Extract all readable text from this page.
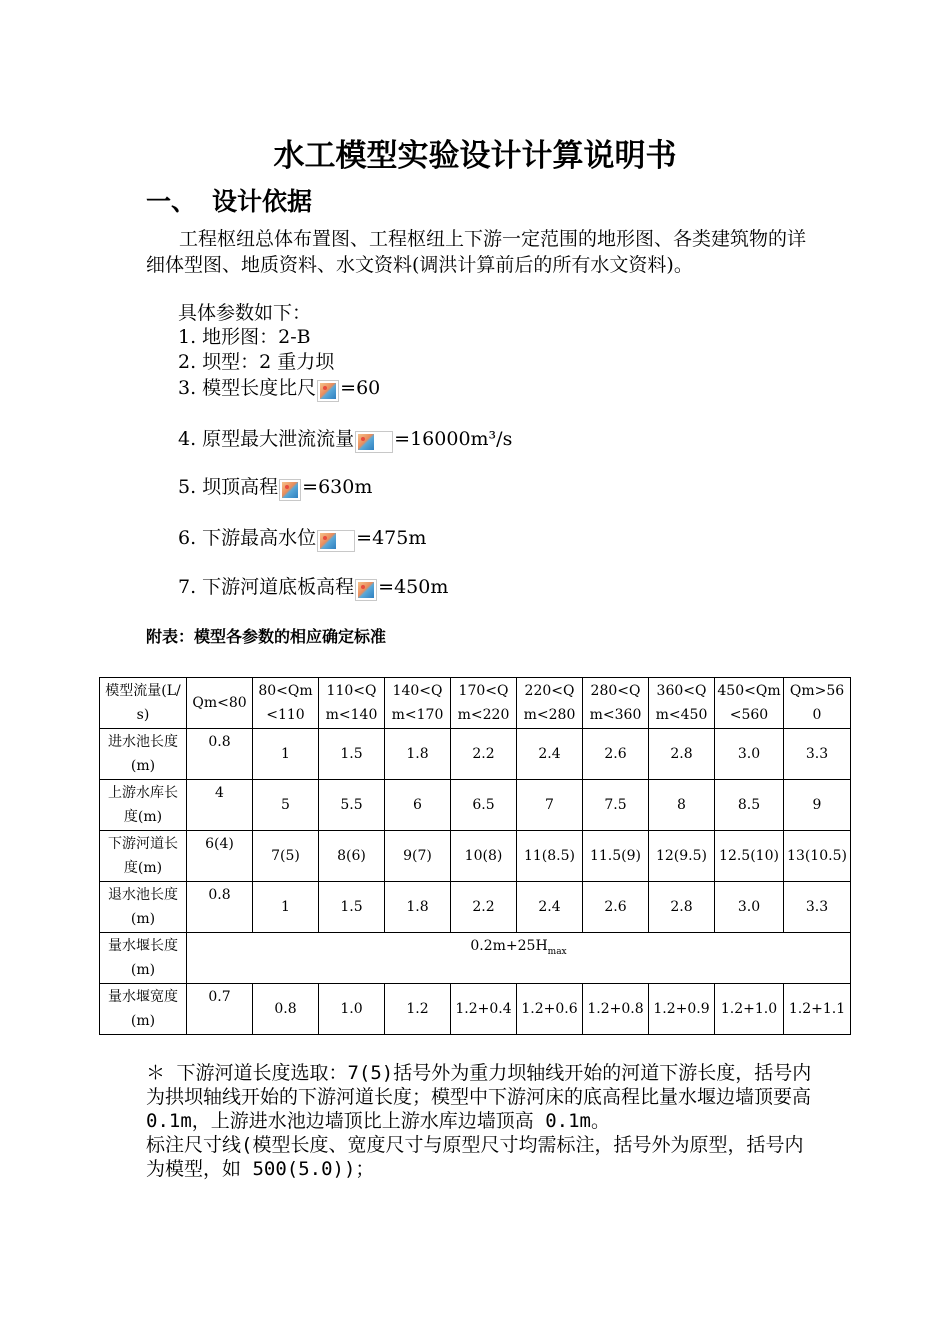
水工模型实验设计计算说明书
一、 设计依据
工程枢纽总体布置图、工程枢纽上下游一定范围的地形图、各类建筑物的详细体型图、地质资料、水文资料(调洪计算前后的所有水文资料)。
具体参数如下：
1. 地形图：2-B
2. 坝型：2 重力坝
3. 模型长度比尺 =60
4. 原型最大泄流流量 =16000m³/s
5. 坝顶高程 =630m
6. 下游最高水位 =475m
7. 下游河道底板高程 =450m
附表：模型各参数的相应确定标准
模型流量(L/s)	Qm<80	80<Qm<110	110<Qm<140	140<Qm<170	170<Qm<220	220<Qm<280	280<Qm<360	360<Qm<450	450<Qm<560	Qm>560
进水池长度(m)	0.8	1	1.5	1.8	2.2	2.4	2.6	2.8	3.0	3.3
上游水库长度(m)	4	5	5.5	6	6.5	7	7.5	8	8.5	9
下游河道长度(m)	6(4)	7(5)	8(6)	9(7)	10(8)	11(8.5)	11.5(9)	12(9.5)	12.5(10)	13(10.5)
退水池长度(m)	0.8	1	1.5	1.8	2.2	2.4	2.6	2.8	3.0	3.3
量水堰长度(m)	$0.2m+25H_{max}$
量水堰宽度(m)	0.7	0.8	1.0	1.2	1.2+0.4	1.2+0.6	1.2+0.8	1.2+0.9	1.2+1.0	1.2+1.1

＊ 下游河道长度选取：7(5)括号外为重力坝轴线开始的河道下游长度，括号内为拱坝轴线开始的下游河道长度；模型中下游河床的底高程比量水堰边墙顶要高 0.1m，上游进水池边墙顶比上游水库边墙顶高 0.1m。

标注尺寸线(模型长度、宽度尺寸与原型尺寸均需标注，括号外为原型，括号内为模型，如 500(5.0))；
